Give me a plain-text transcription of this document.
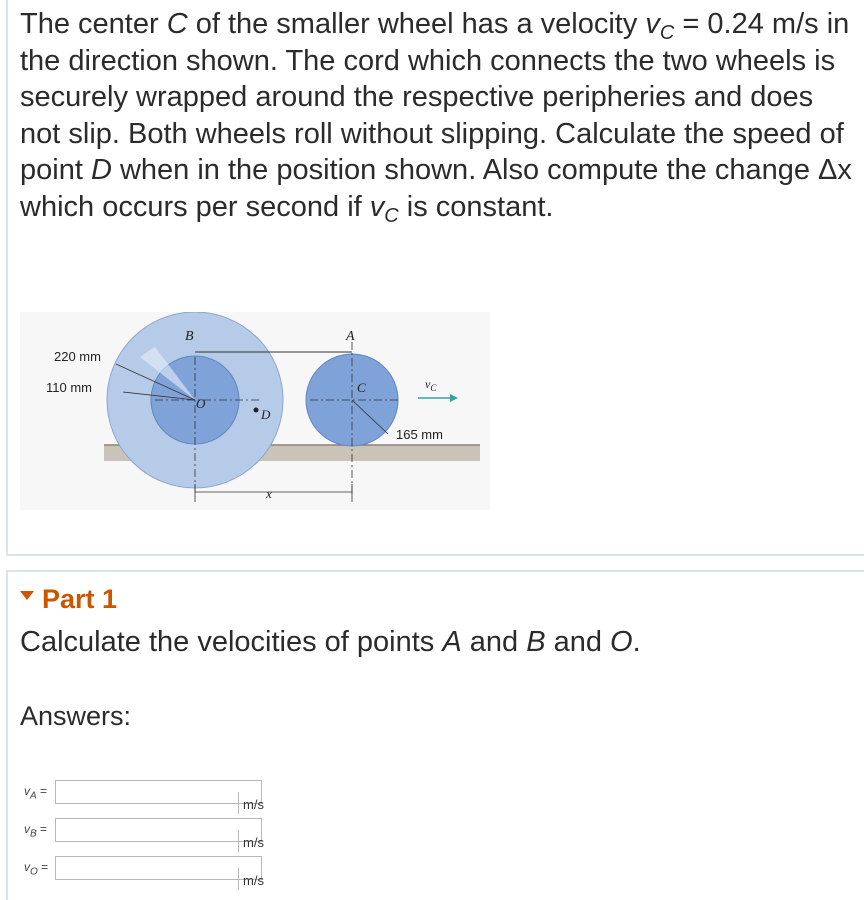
The center C of the smaller wheel has a velocity $v_C = 0.24$ m/s in the direction shown. The cord which connects the two wheels is securely wrapped around the respective peripheries and does not slip. Both wheels roll without slipping. Calculate the speed of point D when in the position shown. Also compute the change Δx which occurs per second if $v_C$ is constant.

B	A
O
C
D
$v_C$
x
220 mm
110 mm
165 mm

Part 1

Calculate the velocities of points A and B and O.

Answers:

$v_A$ =
m/s
$v_B$ =
m/s
$v_O$ =
m/s
